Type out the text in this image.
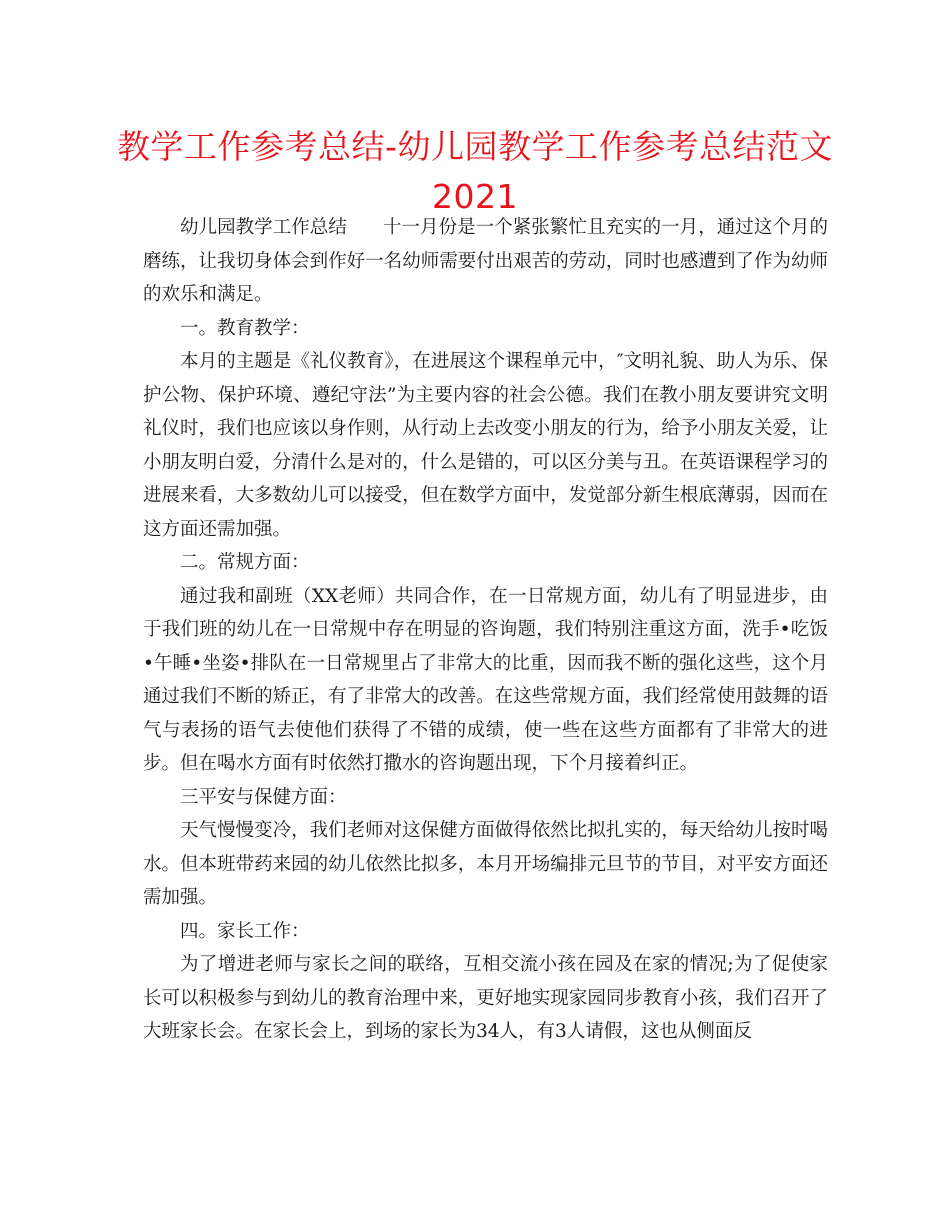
教学工作参考总结-幼儿园教学工作参考总结范文2021

幼儿园教学工作总结 十一月份是一个紧张繁忙且充实的一月，通过这个月的磨练，让我切身体会到作好一名幼师需要付出艰苦的劳动，同时也感遭到了作为幼师的欢乐和满足。

一。教育教学：

本月的主题是《礼仪教育》，在进展这个课程单元中，″文明礼貌、助人为乐、保护公物、保护环境、遵纪守法”为主要内容的社会公德。我们在教小朋友要讲究文明礼仪时，我们也应该以身作则，从行动上去改变小朋友的行为，给予小朋友关爱，让小朋友明白爱，分清什么是对的，什么是错的，可以区分美与丑。在英语课程学习的进展来看，大多数幼儿可以接受，但在数学方面中，发觉部分新生根底薄弱，因而在这方面还需加强。

二。常规方面：

通过我和副班（XX老师）共同合作，在一日常规方面，幼儿有了明显进步，由于我们班的幼儿在一日常规中存在明显的咨询题，我们特别注重这方面，洗手•吃饭•午睡•坐姿•排队在一日常规里占了非常大的比重，因而我不断的强化这些，这个月通过我们不断的矫正，有了非常大的改善。在这些常规方面，我们经常使用鼓舞的语气与表扬的语气去使他们获得了不错的成绩，使一些在这些方面都有了非常大的进步。但在喝水方面有时依然打撒水的咨询题出现，下个月接着纠正。

三平安与保健方面：

天气慢慢变冷，我们老师对这保健方面做得依然比拟扎实的，每天给幼儿按时喝水。但本班带药来园的幼儿依然比拟多，本月开场编排元旦节的节目，对平安方面还需加强。

四。家长工作：

为了增进老师与家长之间的联络，互相交流小孩在园及在家的情况;为了促使家长可以积极参与到幼儿的教育治理中来，更好地实现家园同步教育小孩，我们召开了大班家长会。在家长会上，到场的家长为34人，有3人请假，这也从侧面反
